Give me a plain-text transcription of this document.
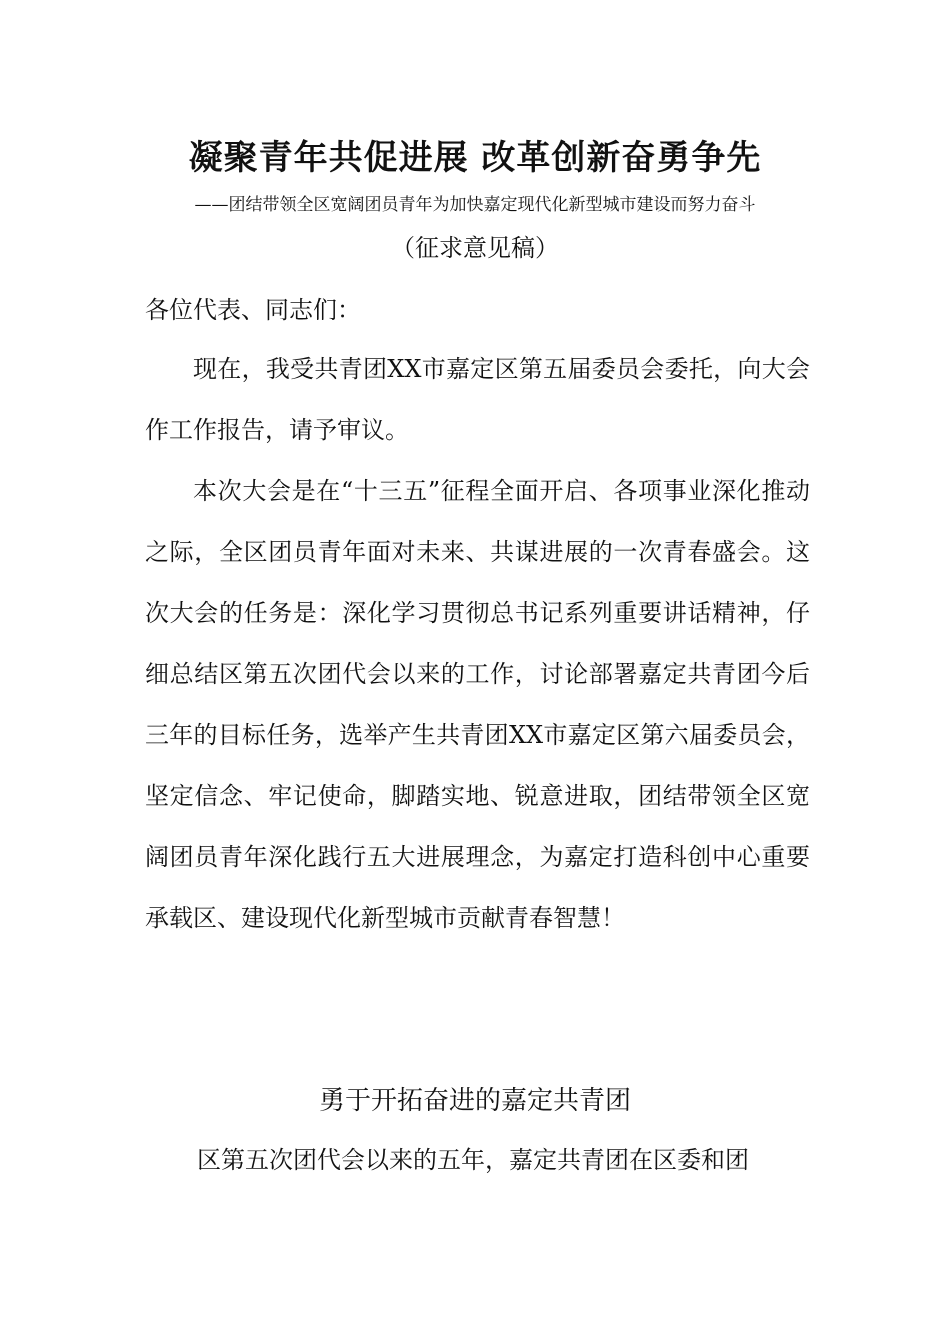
凝聚青年共促进展 改革创新奋勇争先
——团结带领全区宽阔团员青年为加快嘉定现代化新型城市建设而努力奋斗
（征求意见稿）

各位代表、同志们：

现在，我受共青团XX市嘉定区第五届委员会委托，向大会作工作报告，请予审议。

本次大会是在“十三五”征程全面开启、各项事业深化推动之际，全区团员青年面对未来、共谋进展的一次青春盛会。这次大会的任务是：深化学习贯彻总书记系列重要讲话精神，仔细总结区第五次团代会以来的工作，讨论部署嘉定共青团今后三年的目标任务，选举产生共青团XX市嘉定区第六届委员会，坚定信念、牢记使命，脚踏实地、锐意进取，团结带领全区宽阔团员青年深化践行五大进展理念，为嘉定打造科创中心重要承载区、建设现代化新型城市贡献青春智慧！

勇于开拓奋进的嘉定共青团

区第五次团代会以来的五年，嘉定共青团在区委和团
